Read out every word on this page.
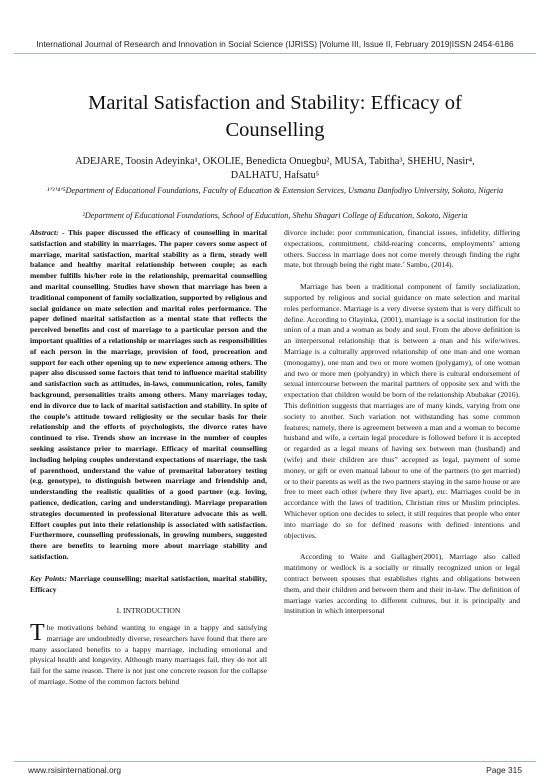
International Journal of Research and Innovation in Social Science (IJRISS) |Volume III, Issue II, February 2019|ISSN 2454-6186
Marital Satisfaction and Stability: Efficacy of
Counselling
ADEJARE, Toosin Adeyinka¹, OKOLIE, Benedicta Onuegbu², MUSA, Tabitha³, SHEHU, Nasir⁴,
DALHATU, Hafsatu⁵
¹ʼ³ʼ⁴ʼ⁵Department of Educational Foundations, Faculty of Education & Extension Services, Usmanu Danfodiyo University, Sokoto, Nigeria
²Department of Educational Foundations, School of Education, Shehu Shagari College of Education, Sokoto, Nigeria

Abstract: - This paper discussed the efficacy of counselling in marital satisfaction and stability in marriages. The paper covers some aspect of marriage, marital satisfaction, marital stability as a firm, steady well balance and healthy marital relationship between couple; as each member fulfills his/her role in the relationship, premarital counselling and marital counselling. Studies have shown that marriage has been a traditional component of family socialization, supported by religious and social guidance on mate selection and marital roles performance. The paper defined marital satisfaction as a mental state that reflects the perceived benefits and cost of marriage to a particular person and the important qualities of a relationship or marriages such as responsibilities of each person in the marriage, provision of food, procreation and support for each other opening up to new experience among others. The paper also discussed some factors that tend to influence marital stability and satisfaction such as attitudes, in-laws, communication, roles, family background, personalities traits among others. Many marriages today, end in divorce due to lack of marital satisfaction and stability. In spite of the couple’s attitude toward religiosity or the secular basis for their relationship and the efforts of psychologists, the divorce rates have continued to rise. Trends show an increase in the number of couples seeking assistance prior to marriage. Efficacy of marital counselling including helping couples understand expectations of marriage, the task of parenthood, understand the value of premarital laboratory testing (e.g. genotype), to distinguish between marriage and friendship and, understanding the realistic qualities of a good partner (e.g. loving, patience, dedication, caring and understanding). Marriage preparation strategies documented in professional literature advocate this as well. Effort couples put into their relationship is associated with satisfaction. Furthermore, counselling professionals, in growing numbers, suggested there are benefits to learning more about marriage stability and satisfaction.

Key Points: Marriage counselling; marital satisfaction, marital stability, Efficacy

I. INTRODUCTION

The motivations behind wanting to engage in a happy and satisfying marriage are undoubtedly diverse, researchers have found that there are many associated benefits to a happy marriage, including emotional and physical health and longevity. Although many marriages fail, they do not all fail for the same reason. There is not just one concrete reason for the collapse of marriage. Some of the common factors behind

divorce include: poor communication, financial issues, infidelity, differing expectations, commitment, child-rearing concerns, employments’ among others. Success in marriage does not come merely through finding the right mate, but through being the right mate.’ Sambo, (2014).

Marriage has been a traditional component of family socialization, supported by religious and social guidance on mate selection and marital roles performance. Marriage is a very diverse system that is very difficult to define. According to Olayinka, (2001), marriage is a social institution for the union of a man and a woman as body and soul. From the above definition is an interpersonal relationship that is between a man and his wife/wives. Marriage is a culturally approved relationship of one man and one woman (monogamy), one man and two or more women (polygamy), of one woman and two or more men (polyandry) in which there is cultural endorsement of sexual intercourse between the marital partners of opposite sex and with the expectation that children would be born of the relationship Abubakar (2016). This definition suggests that marriages are of many kinds, varying from one society to another. Such variation not withstanding has some common features; namely, there is agreement between a man and a woman to become husband and wife, a certain legal procedure is followed before it is accepted or regarded as a legal means of having sex between man (husband) and (wife) and their children are thus” accepted as legal, payment of some money, or gift or even manual labour to one of the partners (to get married) or to their parents as well as the two partners staying in the same house or are free to meet each other (where they live apart), etc. Marriages could be in accordance with the laws of tradition, Christian rites or Muslim principles. Whichever option one decides to select, it still requires that people who enter into marriage do so for defined reasons with defined intentions and objectives.

According to Waite and Gallagher(2001), Marriage also called matrimony or wedlock is a socially or ritually recognized union or legal contract between spouses that establishes rights and obligations between them, and their children and between them and their in-law. The definition of marriage varies according to different cultures, but it is principally and institution in which interpersonal

www.rsisinternational.org	Page 315
